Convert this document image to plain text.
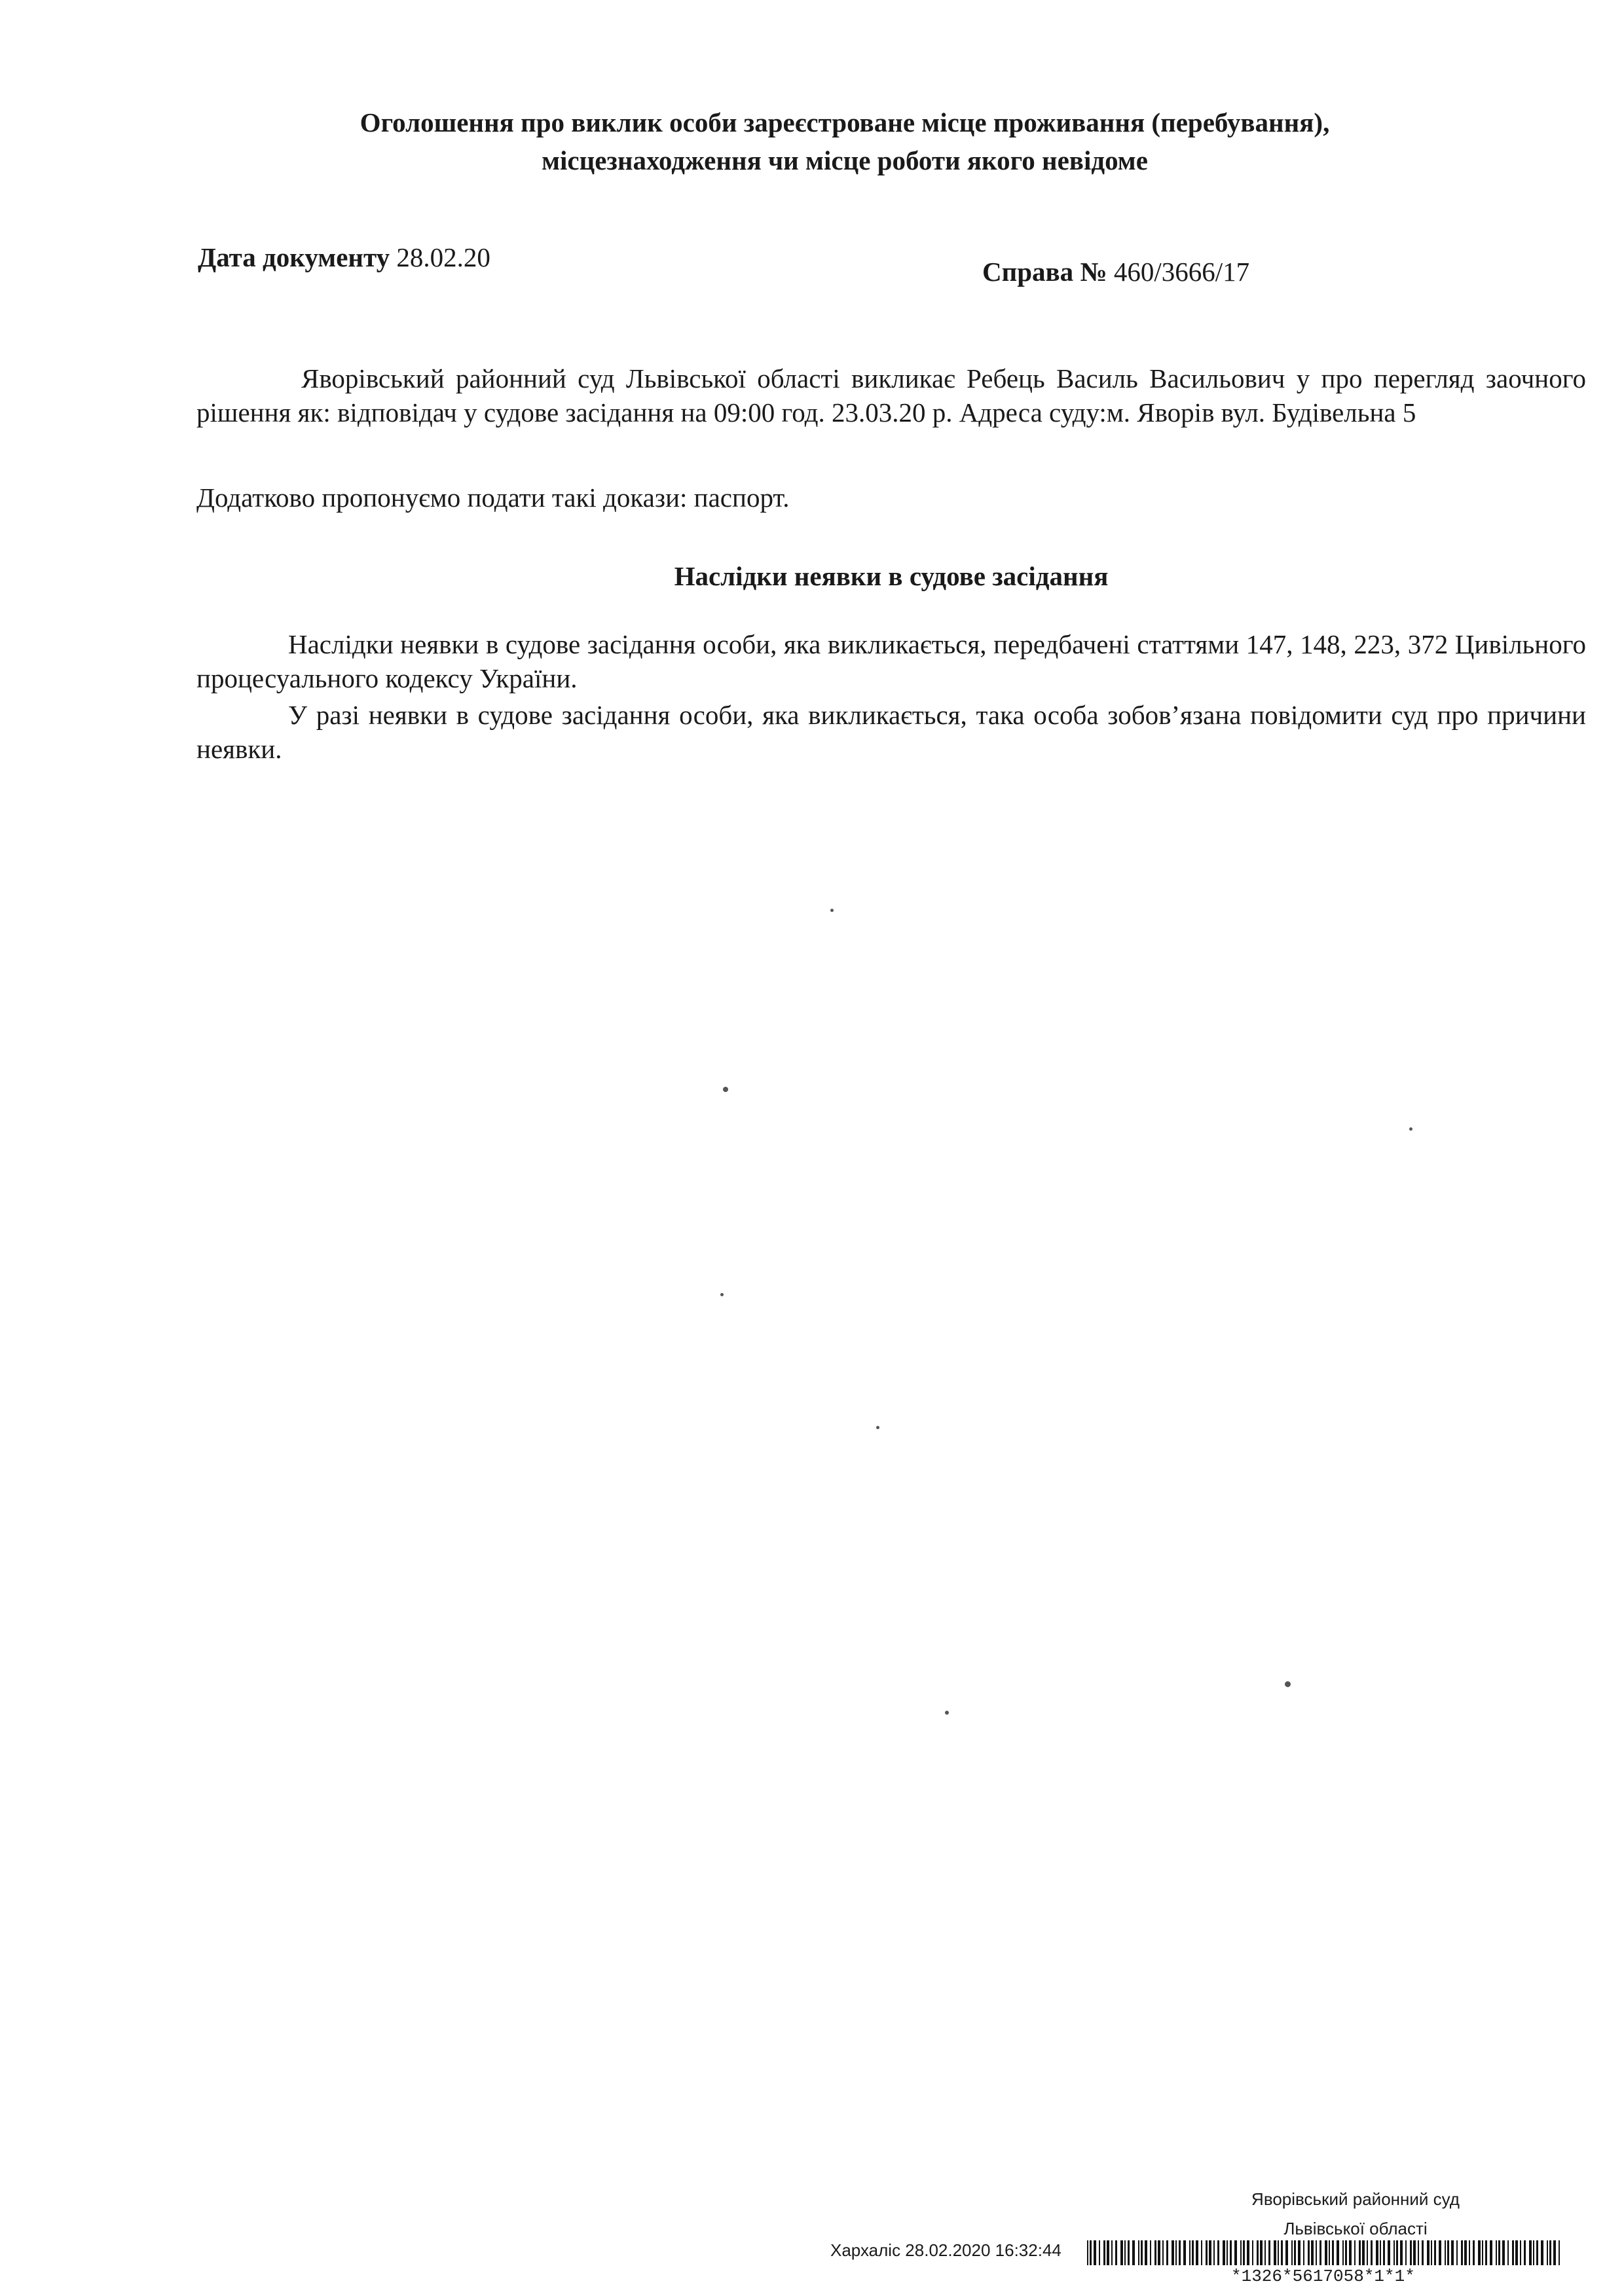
Оголошення про виклик особи зареєстроване місце проживання (перебування),
місцезнаходження чи місце роботи якого невідоме
Дата документу 28.02.20	Справа № 460/3666/17
Яворівський районний суд Львівської області викликає Ребець Василь Васильович у про перегляд заочного рішення як: відповідач у судове засідання на 09:00 год. 23.03.20 р. Адреса суду:м. Яворів вул. Будівельна 5
Додатково пропонуємо подати такі докази: паспорт.
Наслідки неявки в судове засідання
Наслідки неявки в судове засідання особи, яка викликається, передбачені статтями 147, 148, 223, 372 Цивільного процесуального кодексу України.
У разі неявки в судове засідання особи, яка викликається, така особа зобов’язана повідомити суд про причини неявки.
Яворівський районний суд
Хархаліс 28.02.2020 16:32:44
Львівської області
*1326*5617058*1*1*
